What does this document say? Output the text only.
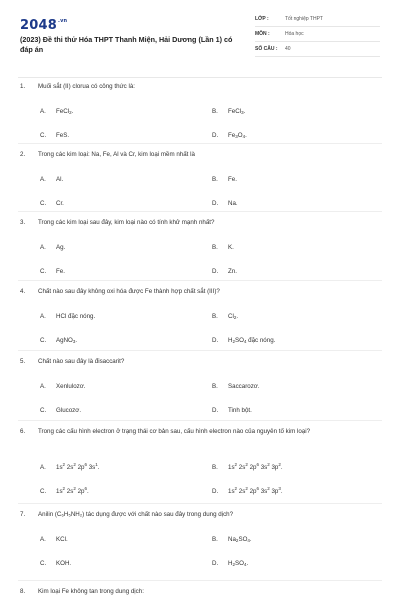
$2048^{.vn}$
(2023) Đề thi thử Hóa THPT Thanh Miện, Hải Dương (Lần 1) có đáp án
LỚP :	Tốt nghiệp THPT
MÔN :	Hóa học
SỐ CÂU : 40
1. Muối sắt (II) clorua có công thức là:
A. FeCl$_2$.	B. FeCl$_3$.
C. FeS.	D. $Fe_3O_4$.
2. Trong các kim loại: Na, Fe, Al và Cr, kim loại mềm nhất là
A. Al.	B. Fe.
C. Cr.	D. Na.
3. Trong các kim loại sau đây, kim loại nào có tính khử mạnh nhất?
A. Ag.	B. K.
C. Fe.	D. Zn.
4. Chất nào sau đây không oxi hóa được Fe thành hợp chất sắt (III)?
A. HCl đặc nóng.	B. $Cl_2$.
C. AgNO$_3$.	D. $H_2SO_4$ đặc nóng.
5. Chất nào sau đây là đisaccarit?
A. Xenlulozơ.	B. Saccarozơ.
C. Glucozơ.	D. Tinh bột.
6. Trong các cấu hình electron ở trạng thái cơ bản sau, cấu hình electron nào của nguyên tố kim loại?
A. $1s^2$ $2s^2$ $2p^6$ $3s^1$.	B. $1s^2$ $2s^2$ $2p^6$ $3s^2$ $3p^2$.
C. $1s^2$ $2s^2$ $2p^6$.	D. $1s^2$ $2s^2$ $2p^6$ $3s^2$ $3p^3$.
7. Anilin (C₆H₅NH₂) tác dụng được với chất nào sau đây trong dung dịch?
A. KCl.	B. $Na_2SO_4$.
C. KOH.	D. $H_2SO_4$.
8. Kim loại Fe không tan trong dung dịch:
